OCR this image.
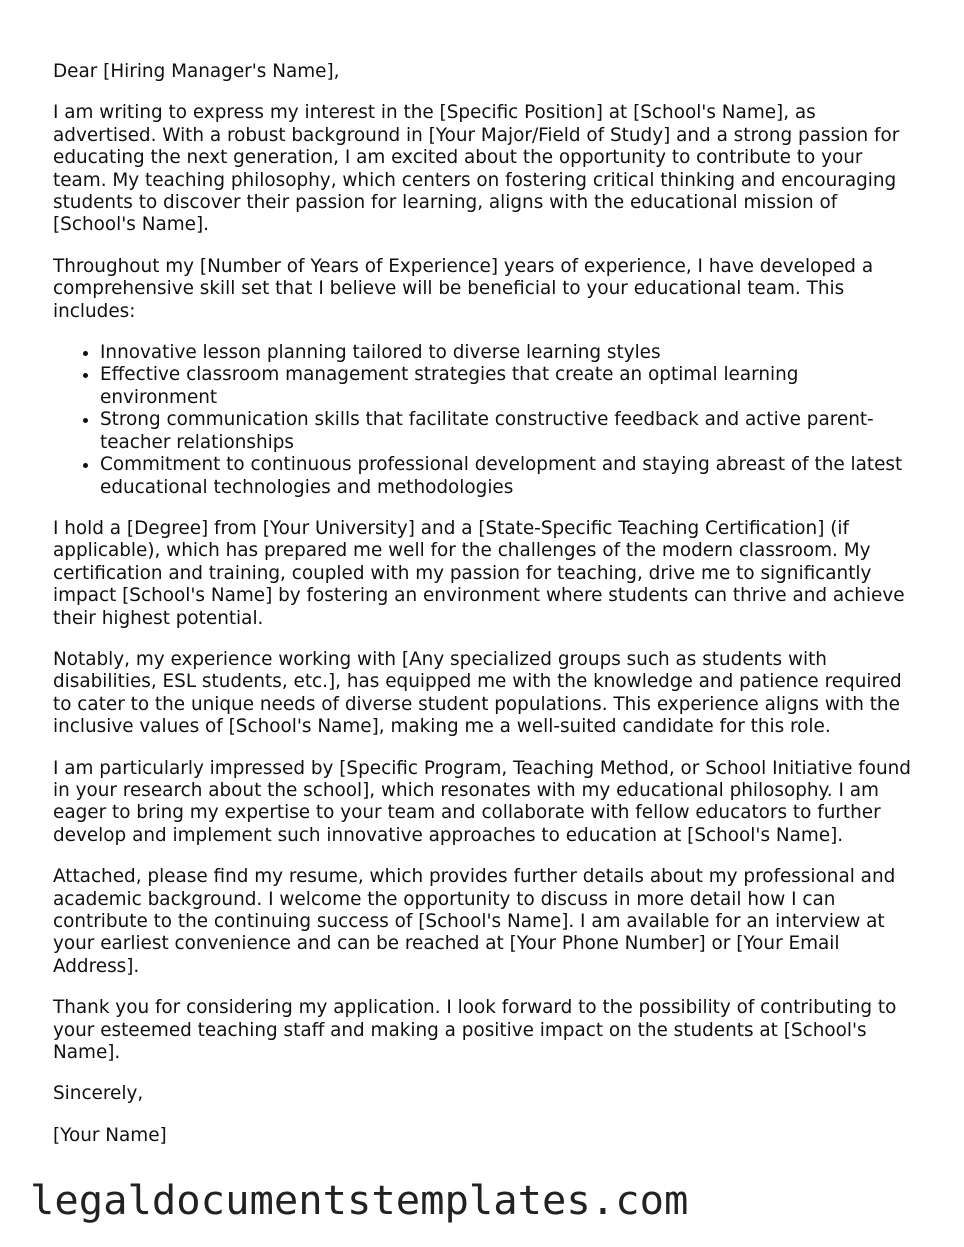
Dear [Hiring Manager's Name],

I am writing to express my interest in the [Specific Position] at [School's Name], as advertised. With a robust background in [Your Major/Field of Study] and a strong passion for educating the next generation, I am excited about the opportunity to contribute to your team. My teaching philosophy, which centers on fostering critical thinking and encouraging students to discover their passion for learning, aligns with the educational mission of [School's Name].

Throughout my [Number of Years of Experience] years of experience, I have developed a comprehensive skill set that I believe will be beneficial to your educational team. This includes:

• Innovative lesson planning tailored to diverse learning styles
• Effective classroom management strategies that create an optimal learning environment
• Strong communication skills that facilitate constructive feedback and active parent-teacher relationships
• Commitment to continuous professional development and staying abreast of the latest educational technologies and methodologies

I hold a [Degree] from [Your University] and a [State-Specific Teaching Certification] (if applicable), which has prepared me well for the challenges of the modern classroom. My certification and training, coupled with my passion for teaching, drive me to significantly impact [School's Name] by fostering an environment where students can thrive and achieve their highest potential.

Notably, my experience working with [Any specialized groups such as students with disabilities, ESL students, etc.], has equipped me with the knowledge and patience required to cater to the unique needs of diverse student populations. This experience aligns with the inclusive values of [School's Name], making me a well-suited candidate for this role.

I am particularly impressed by [Specific Program, Teaching Method, or School Initiative found in your research about the school], which resonates with my educational philosophy. I am eager to bring my expertise to your team and collaborate with fellow educators to further develop and implement such innovative approaches to education at [School's Name].

Attached, please find my resume, which provides further details about my professional and academic background. I welcome the opportunity to discuss in more detail how I can contribute to the continuing success of [School's Name]. I am available for an interview at your earliest convenience and can be reached at [Your Phone Number] or [Your Email Address].

Thank you for considering my application. I look forward to the possibility of contributing to your esteemed teaching staff and making a positive impact on the students at [School's Name].

Sincerely,

[Your Name]

legaldocumentstemplates.com
